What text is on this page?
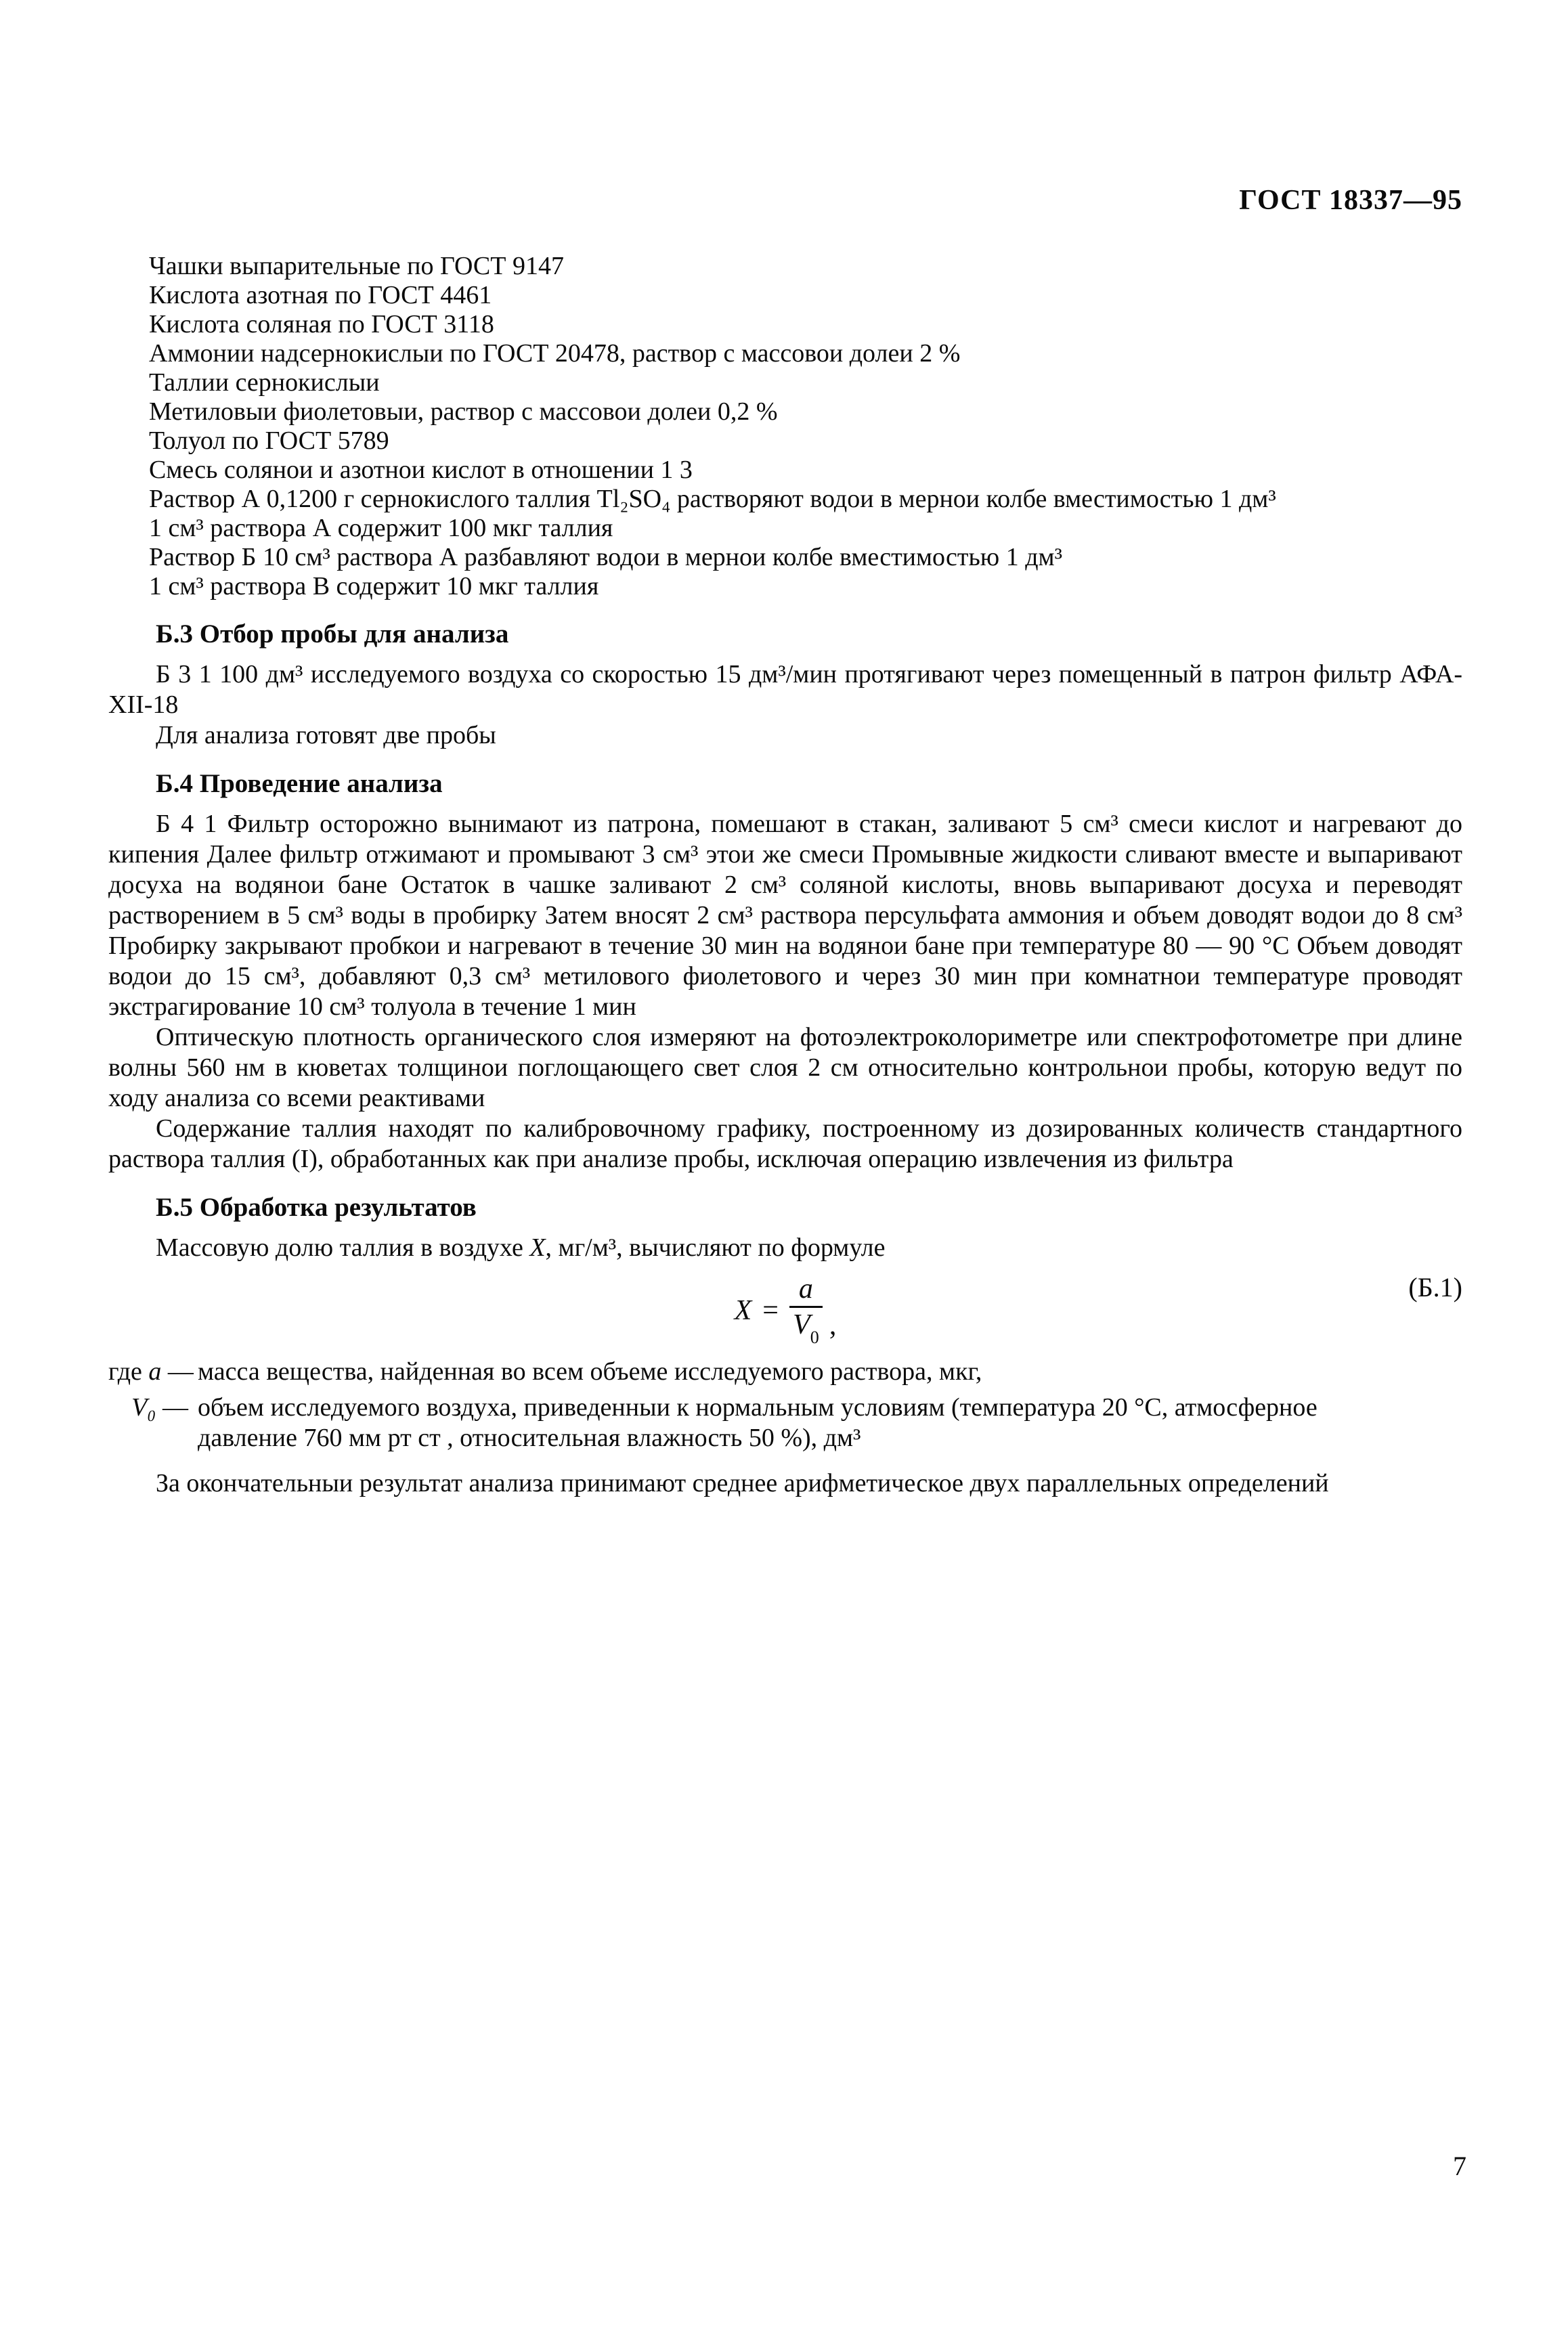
ГОСТ 18337—95
Чашки выпарительные по ГОСТ 9147
Кислота азотная по ГОСТ 4461
Кислота соляная по ГОСТ 3118
Аммонии надсернокислыи по ГОСТ 20478, раствор с массовои долеи 2 %
Таллии сернокислыи
Метиловыи фиолетовыи, раствор с массовои долеи 0,2 %
Толуол по ГОСТ 5789
Смесь солянои и азотнои кислот в отношении 1 3
Раствор А 0,1200 г сернокислого таллия Tl₂SO₄ растворяют водои в мернои колбе вместимостью 1 дм³
1 см³ раствора А содержит 100 мкг таллия
Раствор Б 10 см³ раствора А разбавляют водои в мернои колбе вместимостью 1 дм³
1 см³ раствора В содержит 10 мкг таллия
Б.3 Отбор пробы для анализа

Б 3 1 100 дм³ исследуемого воздуха со скоростью 15 дм³/мин протягивают через помещенный в патрон фильтр АФА-ХII-18

Для анализа готовят две пробы

Б.4 Проведение анализа

Б 4 1 Фильтр осторожно вынимают из патрона, помешают в стакан, заливают 5 см³ смеси кислот и нагревают до кипения Далее фильтр отжимают и промывают 3 см³ этои же смеси Промывные жидкости сливают вместе и выпаривают досуха на водянои бане Остаток в чашке заливают 2 см³ соляной кислоты, вновь выпаривают досуха и переводят растворением в 5 см³ воды в пробирку Затем вносят 2 см³ раствора персульфата аммония и объем доводят водои до 8 см³ Пробирку закрывают пробкои и нагревают в течение 30 мин на водянои бане при температуре 80 — 90 °С Объем доводят водои до 15 см³, добавляют 0,3 см³ метилового фиолетового и через 30 мин при комнатнои температуре проводят экстрагирование 10 см³ толуола в течение 1 мин

Оптическую плотность органического слоя измеряют на фотоэлектроколориметре или спектрофотометре при длине волны 560 нм в кюветах толщинои поглощающего свет слоя 2 см относительно контрольнои пробы, которую ведут по ходу анализа со всеми реактивами

Содержание таллия находят по калибровочному графику, построенному из дозированных количеств стандартного раствора таллия (I), обработанных как при анализе пробы, исключая операцию извлечения из фильтра

Б.5 Обработка результатов

Массовую долю таллия в воздухе X, мг/м³, вычисляют по формуле

$X = \frac{a}{V_0}$ ,
(Б.1)
где a — масса вещества, найденная во всем объеме исследуемого раствора, мкг,
V₀ — объем исследуемого воздуха, приведенныи к нормальным условиям (температура 20 °С, атмосферное
давление 760 мм рт ст , относительная влажность 50 %), дм³

За окончательныи результат анализа принимают среднее арифметическое двух параллельных определений

7
